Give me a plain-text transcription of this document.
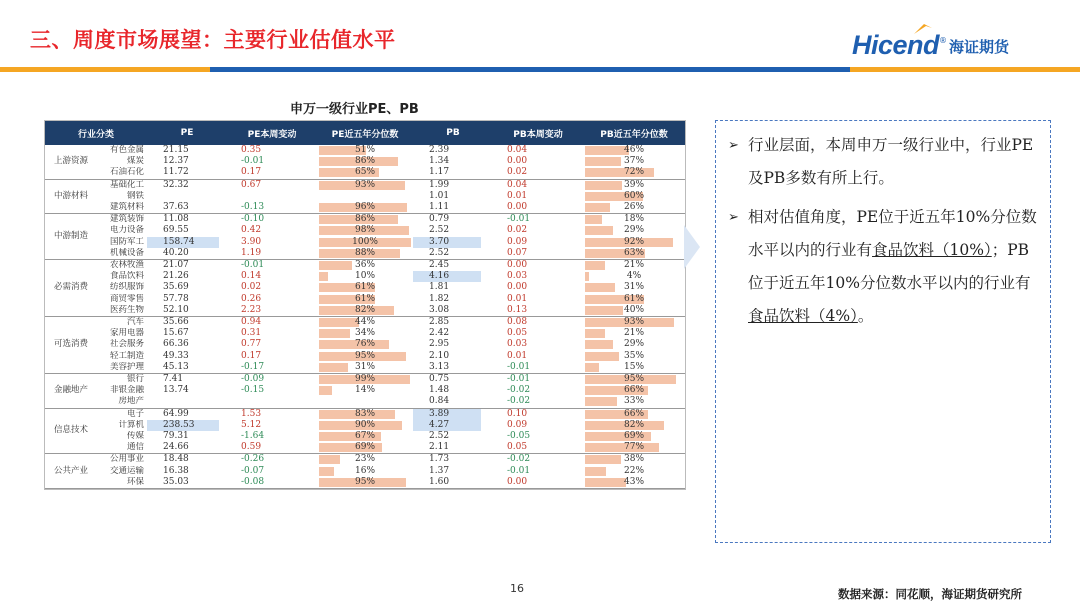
三、周度市场展望：主要行业估值水平	Hicend ® 海证期货
申万一级行业PE、PB
行业分类		PE	PE本周变动	PE近五年分位数	PB	PB本周变动	PB近五年分位数
上游资源	有色金属	21.15	0.35	51%	2.39	0.04	46%

	煤炭	12.37	-0.01	86%	1.34	0.00	37%

	石油石化	11.72	0.17	65%	1.17	0.02	72%

中游材料	基础化工	32.32	0.67	93%	1.99	0.04	39%

	钢铁				1.01	0.01	60%

	建筑材料	37.63	-0.13	96%	1.11	0.00	26%

中游制造	建筑装饰	11.08	-0.10	86%	0.79	-0.01	18%

	电力设备	69.55	0.42	98%	2.52	0.02	29%

	国防军工	158.74	3.90	100%	3.70	0.09	92%

	机械设备	40.20	1.19	88%	2.52	0.07	63%

必需消费	农林牧渔	21.07	-0.01	36%	2.45	0.00	21%

	食品饮料	21.26	0.14	10%	4.16	0.03	4%

	纺织服饰	35.69	0.02	61%	1.81	0.00	31%

	商贸零售	57.78	0.26	61%	1.82	0.01	61%

	医药生物	52.10	2.23	82%	3.08	0.13	40%

可选消费	汽车	35.66	0.94	44%	2.85	0.08	93%

	家用电器	15.67	0.31	34%	2.42	0.05	21%

	社会服务	66.36	0.77	76%	2.95	0.03	29%

	轻工制造	49.33	0.17	95%	2.10	0.01	35%

	美容护理	45.13	-0.17	31%	3.13	-0.01	15%

金融地产	银行	7.41	-0.09	99%	0.75	-0.01	95%

	非银金融	13.74	-0.15	14%	1.48	-0.02	66%

	房地产				0.84	-0.02	33%

信息技术	电子	64.99	1.53	83%	3.89	0.10	66%

	计算机	238.53	5.12	90%	4.27	0.09	82%

	传媒	79.31	-1.64	67%	2.52	-0.05	69%

	通信	24.66	0.59	69%	2.11	0.05	77%

公共产业	公用事业	18.48	-0.26	23%	1.73	-0.02	38%

	交通运输	16.38	-0.07	16%	1.37	-0.01	22%

	环保	35.03	-0.08	95%	1.60	0.00	43%
➢ 行业层面，本周申万一级行业中，行业PE及PB多数有所上行。
➢ 相对估值角度，PE位于近五年10%分位数水平以内的行业有食品饮料（10%）；PB位于近五年10%分位数水平以内的行业有食品饮料（4%）。
16	数据来源：同花顺，海证期货研究所
